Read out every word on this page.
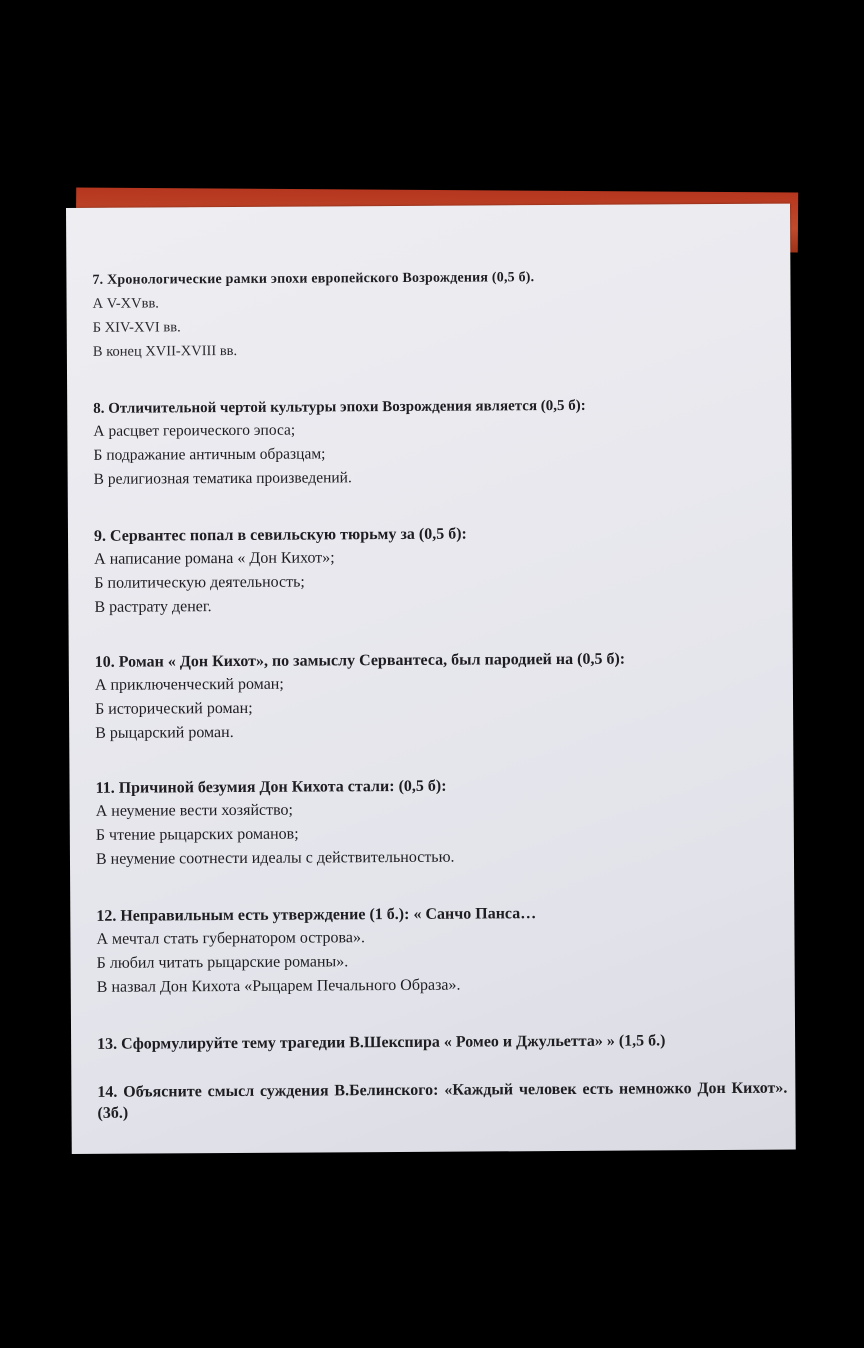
7. Хронологические рамки эпохи европейского Возрождения (0,5 б).

А V-XVвв.

Б XIV-XVI вв.

В конец XVII-XVIII вв.

8. Отличительной чертой культуры эпохи Возрождения является (0,5 б):

А расцвет героического эпоса;

Б подражание античным образцам;

В религиозная тематика произведений.

9. Сервантес попал в севильскую тюрьму за (0,5 б):

А написание романа « Дон Кихот»;

Б политическую деятельность;

В растрату денег.

10. Роман « Дон Кихот», по замыслу Сервантеса, был пародией на (0,5 б):

А приключенческий роман;

Б исторический роман;

В рыцарский роман.

11. Причиной безумия Дон Кихота стали: (0,5 б):

А неумение вести хозяйство;

Б чтение рыцарских романов;

В неумение соотнести идеалы с действительностью.

12. Неправильным есть утверждение (1 б.): « Санчо Панса…

А мечтал стать губернатором острова».

Б любил читать рыцарские романы».

В назвал Дон Кихота «Рыцарем Печального Образа».

13. Сформулируйте тему трагедии В.Шекспира « Ромео и Джульетта» » (1,5 б.)

14. Объясните смысл суждения В.Белинского: «Каждый человек есть немножко Дон Кихот». (3б.)
